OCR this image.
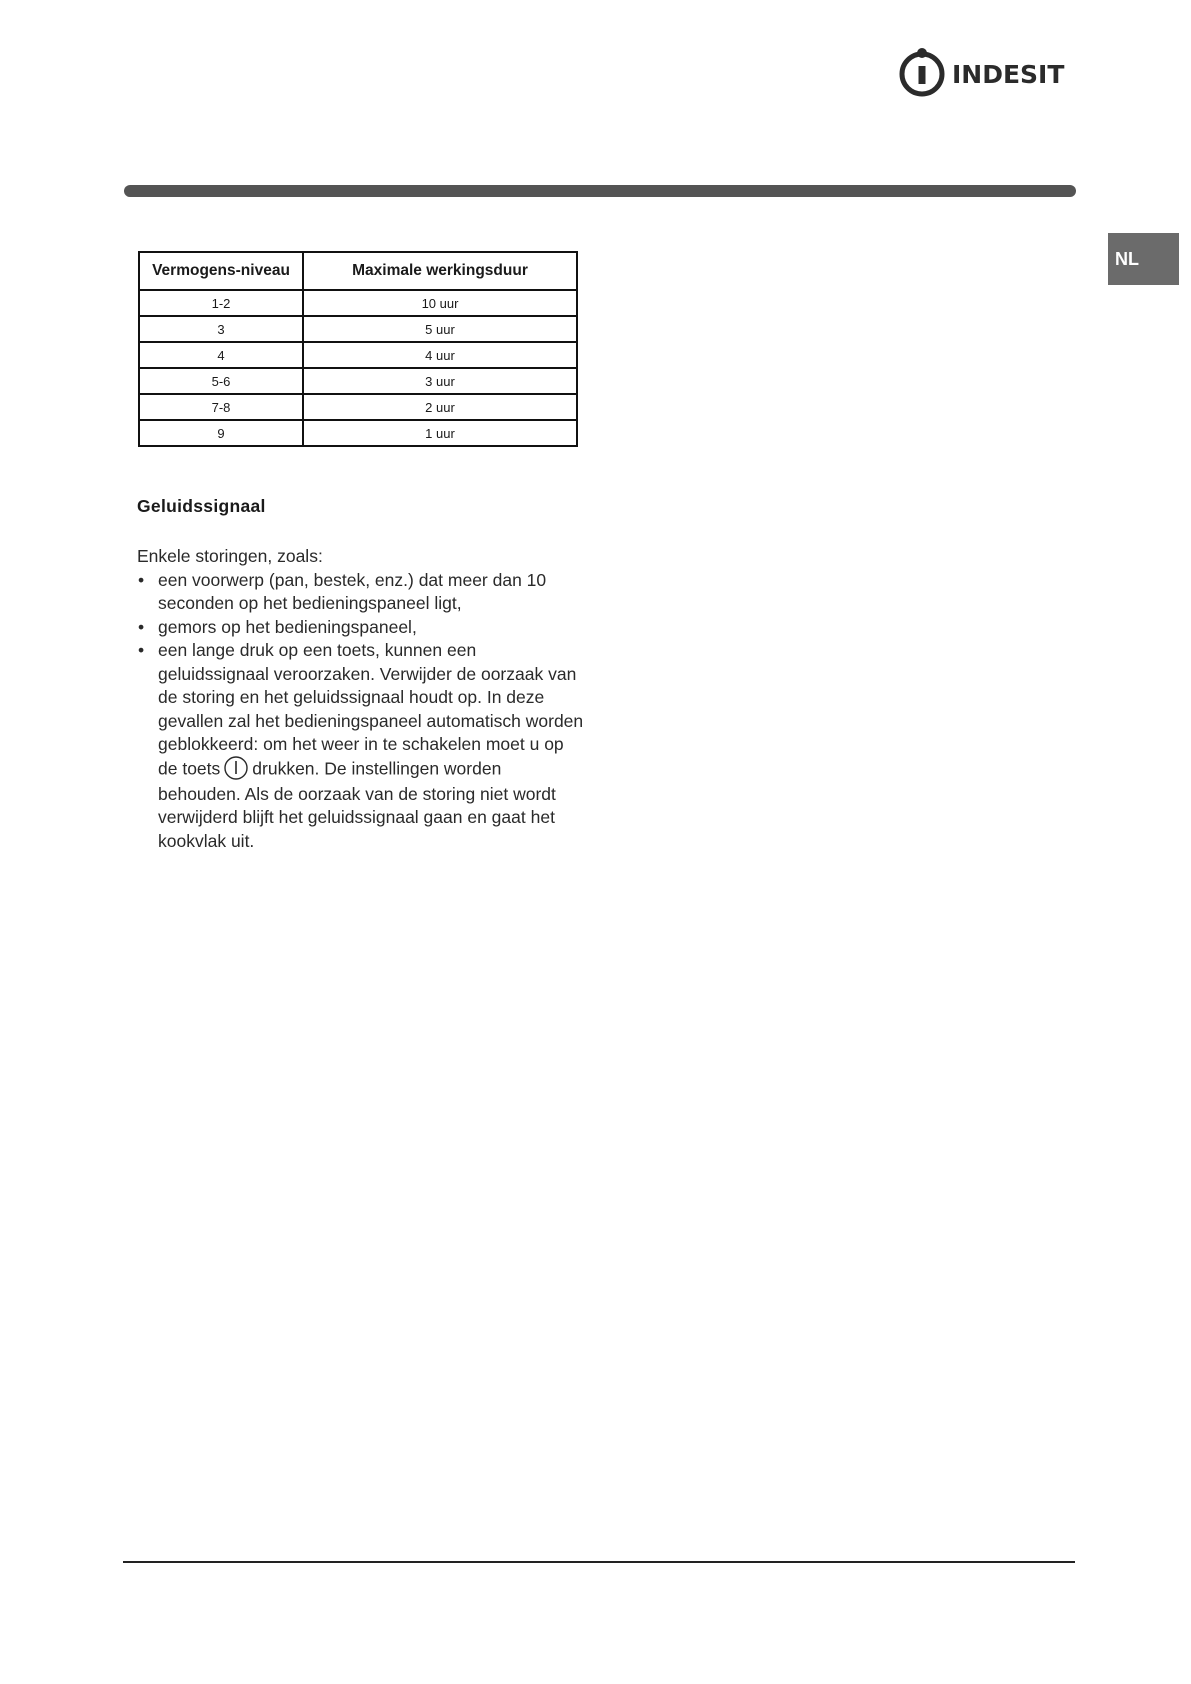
indesit
NL
Vermogens-niveau	Maximale werkingsduur
1-2	10 uur
3	5 uur
4	4 uur
5-6	3 uur
7-8	2 uur
9	1 uur
Geluidssignaal

Enkele storingen, zoals:

• een voorwerp (pan, bestek, enz.) dat meer dan 10 seconden op het bedieningspaneel ligt,
• gemors op het bedieningspaneel,
• een lange druk op een toets, kunnen een geluidssignaal veroorzaken. Verwijder de oorzaak van de storing en het geluidssignaal houdt op. In deze gevallen zal het bedieningspaneel automatisch worden geblokkeerd: om het weer in te schakelen moet u op de toets drukken. De instellingen worden behouden. Als de oorzaak van de storing niet wordt verwijderd blijft het geluidssignaal gaan en gaat het kookvlak uit.
